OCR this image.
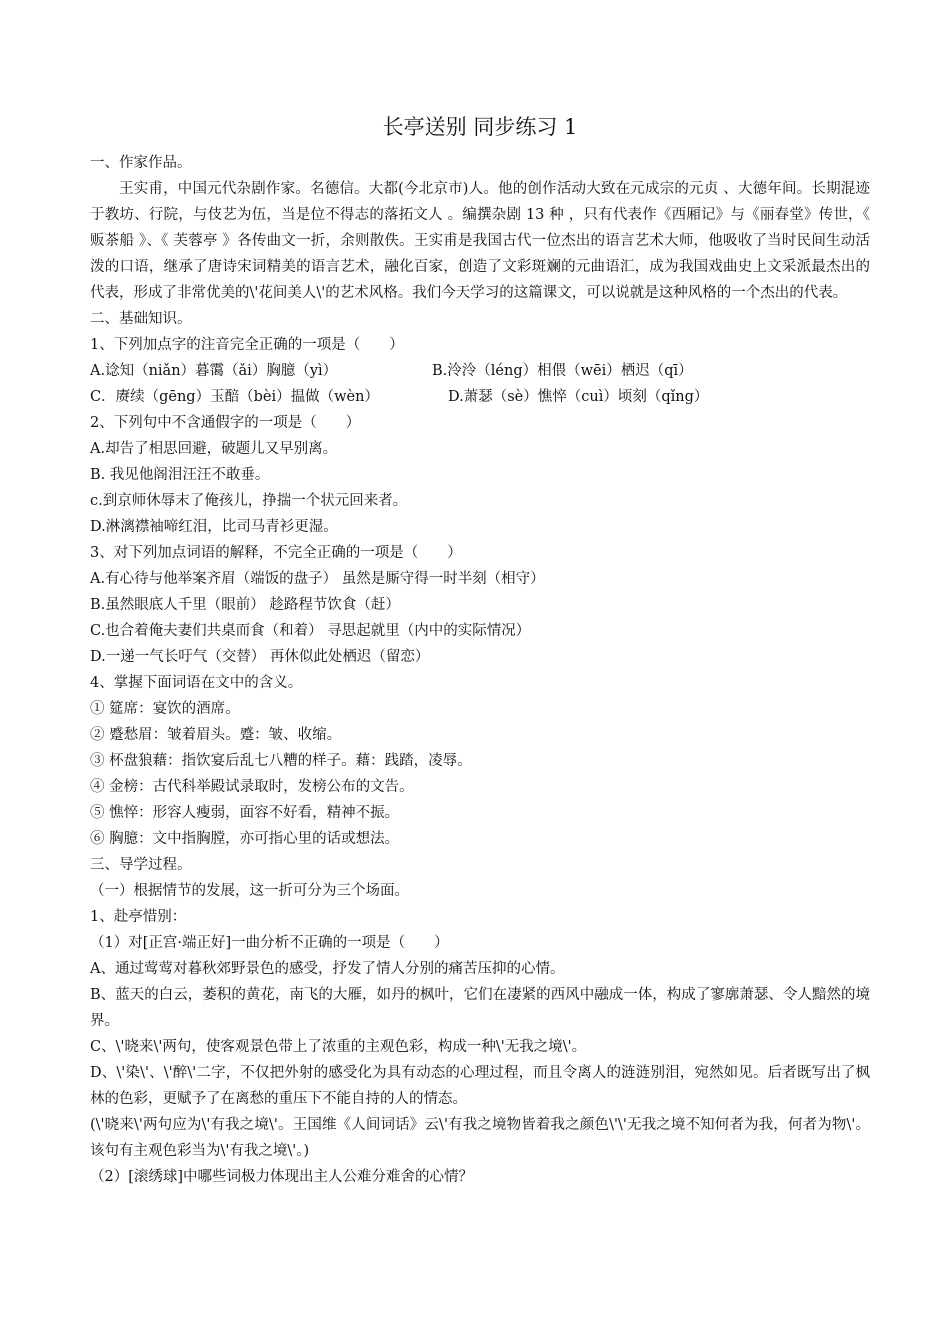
长亭送别 同步练习 1
一、作家作品。
王实甫，中国元代杂剧作家。名德信。大都(今北京市)人。他的创作活动大致在元成宗的元贞 、大德年间。长期混迹于教坊、行院，与伎艺为伍，当是位不得志的落拓文人 。编撰杂剧 13 种 ，只有代表作《西厢记》与《丽春堂》传世，《 贩茶船 》、《 芙蓉亭 》各传曲文一折，余则散佚。王实甫是我国古代一位杰出的语言艺术大师，他吸收了当时民间生动活泼的口语，继承了唐诗宋词精美的语言艺术，融化百家，创造了文彩斑斓的元曲语汇，成为我国戏曲史上文采派最杰出的代表，形成了非常优美的\'花间美人\'的艺术风格。我们今天学习的这篇课文，可以说就是这种风格的一个杰出的代表。
二、基础知识。
1、下列加点字的注音完全正确的一项是（　　）
A.谂知（niǎn）暮霭（ǎi）胸臆（yì）	B.泠泠（léng）相偎（wēi）栖迟（qī）
C．赓续（gēng）玉醅（bèi）揾做（wèn）	D.萧瑟（sè）憔悴（cuì）顷刻（qǐng）
2、下列句中不含通假字的一项是（　　）
A.却告了相思回避，破题儿又早别离。
B. 我见他阁泪汪汪不敢垂。
c.到京师休辱末了俺孩儿，挣揣一个状元回来者。
D.淋漓襟袖啼红泪，比司马青衫更湿。
3、对下列加点词语的解释，不完全正确的一项是（　　）
A.有心待与他举案齐眉（端饭的盘子） 虽然是厮守得一时半刻（相守）
B.虽然眼底人千里（眼前） 趁路程节饮食（赶）
C.也合着俺夫妻们共桌而食（和着） 寻思起就里（内中的实际情况）
D.一递一气长吁气（交替） 再休似此处栖迟（留恋）
4、掌握下面词语在文中的含义。
① 筵席：宴饮的酒席。
② 蹙愁眉：皱着眉头。蹙：皱、收缩。
③ 杯盘狼藉：指饮宴后乱七八糟的样子。藉：践踏，凌辱。
④ 金榜：古代科举殿试录取时，发榜公布的文告。
⑤ 憔悴：形容人瘦弱，面容不好看，精神不振。
⑥ 胸臆：文中指胸膛，亦可指心里的话或想法。
三、导学过程。
（一）根据情节的发展，这一折可分为三个场面。
1、赴亭惜别：
（1）对[正宫·端正好]一曲分析不正确的一项是（　　）
A、通过莺莺对暮秋郊野景色的感受，抒发了情人分别的痛苦压抑的心情。
B、蓝天的白云，萎积的黄花，南飞的大雁，如丹的枫叶，它们在凄紧的西风中融成一体，构成了寥廓萧瑟、令人黯然的境界。
C、\'晓来\'两句，使客观景色带上了浓重的主观色彩，构成一种\'无我之境\'。
D、\'染\'、\'醉\'二字，不仅把外射的感受化为具有动态的心理过程，而且令离人的涟涟别泪，宛然如见。后者既写出了枫林的色彩，更赋予了在离愁的重压下不能自持的人的情态。
(\'晓来\'两句应为\'有我之境\'。王国维《人间词话》云\'有我之境物皆着我之颜色\'\'无我之境不知何者为我，何者为物\'。该句有主观色彩当为\'有我之境\'。)
（2）[滚绣球]中哪些词极力体现出主人公难分难舍的心情？
